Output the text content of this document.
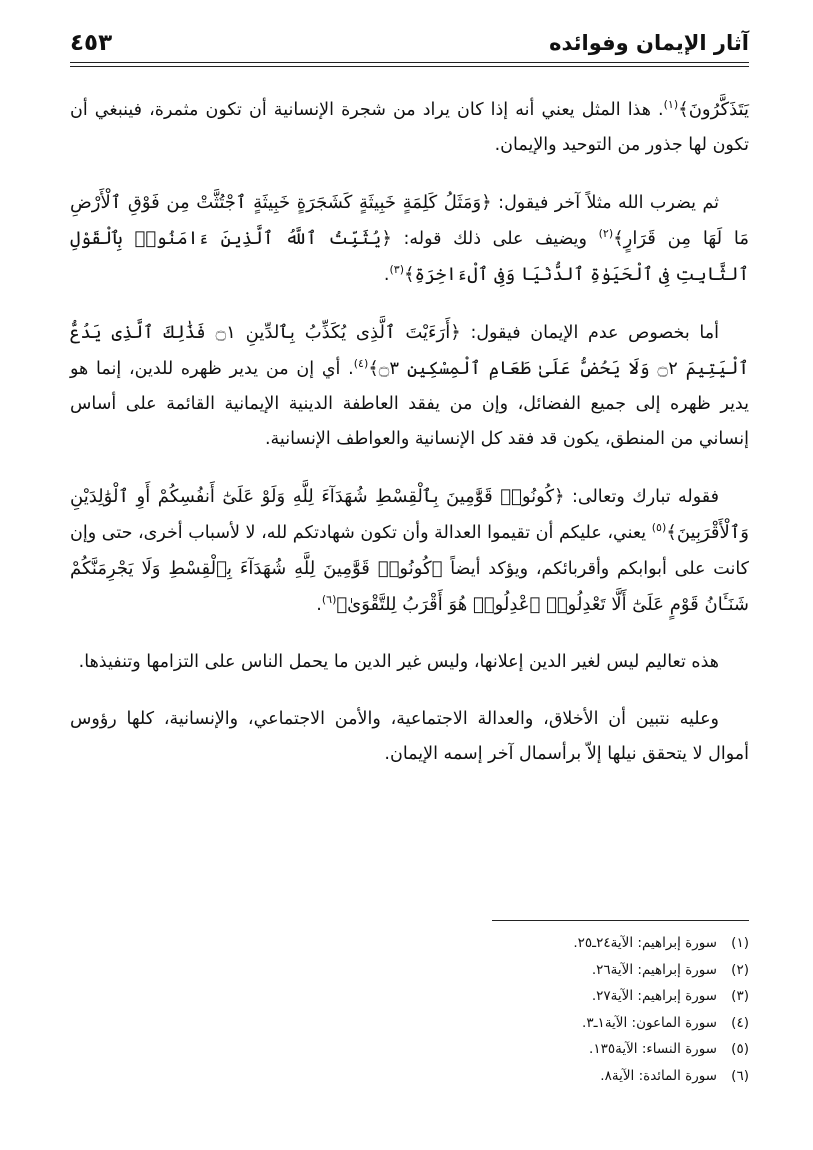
آثار الإيمان وفوائده
٤٥٣

يَتَذَكَّرُونَ﴾$^{(١)}$. هذا المثل يعني أنه إذا كان يراد من شجرة الإنسانية أن تكون مثمرة، فينبغي أن تكون لها جذور من التوحيد والإيمان.

ثم يضرب الله مثلاً آخر فيقول: ﴿وَمَثَلُ كَلِمَةٍ خَبِيثَةٍ كَشَجَرَةٍ خَبِيثَةٍ ٱجْتُثَّتْ مِن فَوْقِ ٱلْأَرْضِ مَا لَهَا مِن قَرَارٍ﴾$^{(٢)}$ ويضيف على ذلك قوله: ﴿يُثَبِّتُ ٱللَّهُ ٱلَّذِينَ ءَامَنُوا۟ بِٱلْقَوْلِ ٱلثَّابِتِ فِى ٱلْحَيَوٰةِ ٱلدُّنْيَا وَفِى ٱلْءَاخِرَةِ﴾$^{(٣)}$.

أما بخصوص عدم الإيمان فيقول: ﴿أَرَءَيْتَ ٱلَّذِى يُكَذِّبُ بِٱلدِّينِ ۝١ فَذَٰلِكَ ٱلَّذِى يَدُعُّ ٱلْيَتِيمَ ۝٢ وَلَا يَحُضُّ عَلَىٰ طَعَامِ ٱلْمِسْكِينِ ۝٣﴾$^{(٤)}$. أي إن من يدير ظهره للدين، إنما هو يدير ظهره إلى جميع الفضائل، وإن من يفقد العاطفة الدينية الإيمانية القائمة على أساس إنساني من المنطق، يكون قد فقد كل الإنسانية والعواطف الإنسانية.

فقوله تبارك وتعالى: ﴿كُونُوا۟ قَوَّٰمِينَ بِٱلْقِسْطِ شُهَدَآءَ لِلَّهِ وَلَوْ عَلَىٰٓ أَنفُسِكُمْ أَوِ ٱلْوَٰلِدَيْنِ وَٱلْأَقْرَبِينَ﴾$^{(٥)}$ يعني، عليكم أن تقيموا العدالة وأن تكون شهادتكم لله، لا لأسباب أخرى، حتى وإن كانت على أبوابكم وأقربائكم، ويؤكد أيضاً ﴿كُونُوا۟ قَوَّٰمِينَ لِلَّهِ شُهَدَآءَ بِٱلْقِسْطِ وَلَا يَجْرِمَنَّكُمْ شَنَـَٔانُ قَوْمٍ عَلَىٰٓ أَلَّا تَعْدِلُوا۟ ٱعْدِلُوا۟ هُوَ أَقْرَبُ لِلتَّقْوَىٰ﴾$^{(٦)}$.

هذه تعاليم ليس لغير الدين إعلانها، وليس غير الدين ما يحمل الناس على التزامها وتنفيذها.

وعليه نتبين أن الأخلاق، والعدالة الاجتماعية، والأمن الاجتماعي، والإنسانية، كلها رؤوس أموال لا يتحقق نيلها إلاّ برأسمال آخر إسمه الإيمان.

(١)سورة إبراهيم: الآية٢٤ـ٢٥.
(٢)سورة إبراهيم: الآية٢٦.
(٣)سورة إبراهيم: الآية٢٧.
(٤)سورة الماعون: الآية١ـ٣.
(٥)سورة النساء: الآية١٣٥.
(٦)سورة المائدة: الآية٨.
